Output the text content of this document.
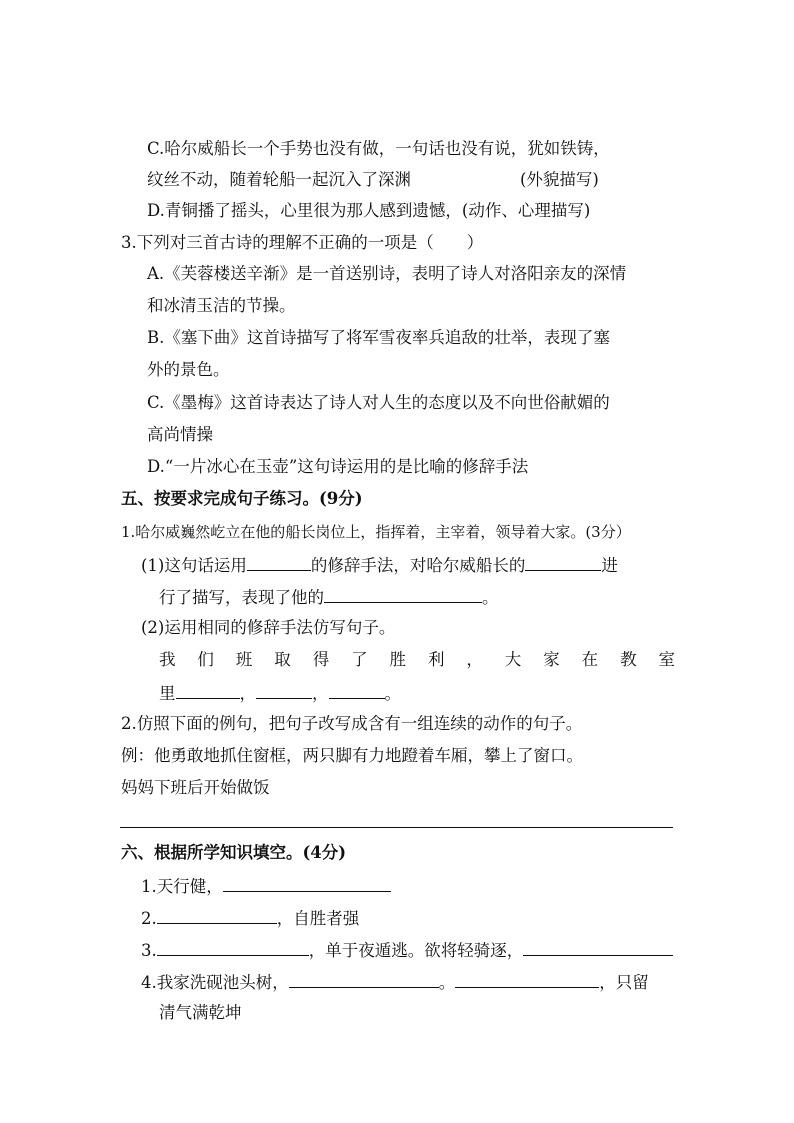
C.哈尔威船长一个手势也没有做，一句话也没有说，犹如铁铸，
纹丝不动，随着轮船一起沉入了深渊	(外貌描写)
D.青铜播了摇头，心里很为那人感到遗憾，(动作、心理描写)
3.下列对三首古诗的理解不正确的一项是（　　）
A.《芙蓉楼送辛渐》是一首送别诗，表明了诗人对洛阳亲友的深情
和冰清玉洁的节操。
B.《塞下曲》这首诗描写了将军雪夜率兵追敌的壮举，表现了塞
外的景色。
C.《墨梅》这首诗表达了诗人对人生的态度以及不向世俗献媚的
高尚情操
D.“一片冰心在玉壶”这句诗运用的是比喻的修辞手法
五、按要求完成句子练习。(9分)
1.哈尔威巍然屹立在他的船长岗位上，指挥着，主宰着，领导着大家。(3分）
(1)这句话运用	的修辞手法，对哈尔威船长的	进
行了描写，表现了他的	。
(2)运用相同的修辞手法仿写句子。
我 们 班 取 得 了 胜 利 ， 大 家 在 教 室
里	，	，	。
2.仿照下面的例句，把句子改写成含有一组连续的动作的句子。
例：他勇敢地抓住窗框，两只脚有力地蹬着车厢，攀上了窗口。
妈妈下班后开始做饭
六、根据所学知识填空。(4分)
1.天行健，
2.	，自胜者强
3.	，单于夜遁逃。欲将轻骑逐，
4.我家洗砚池头树，	。	，只留
清气满乾坤
